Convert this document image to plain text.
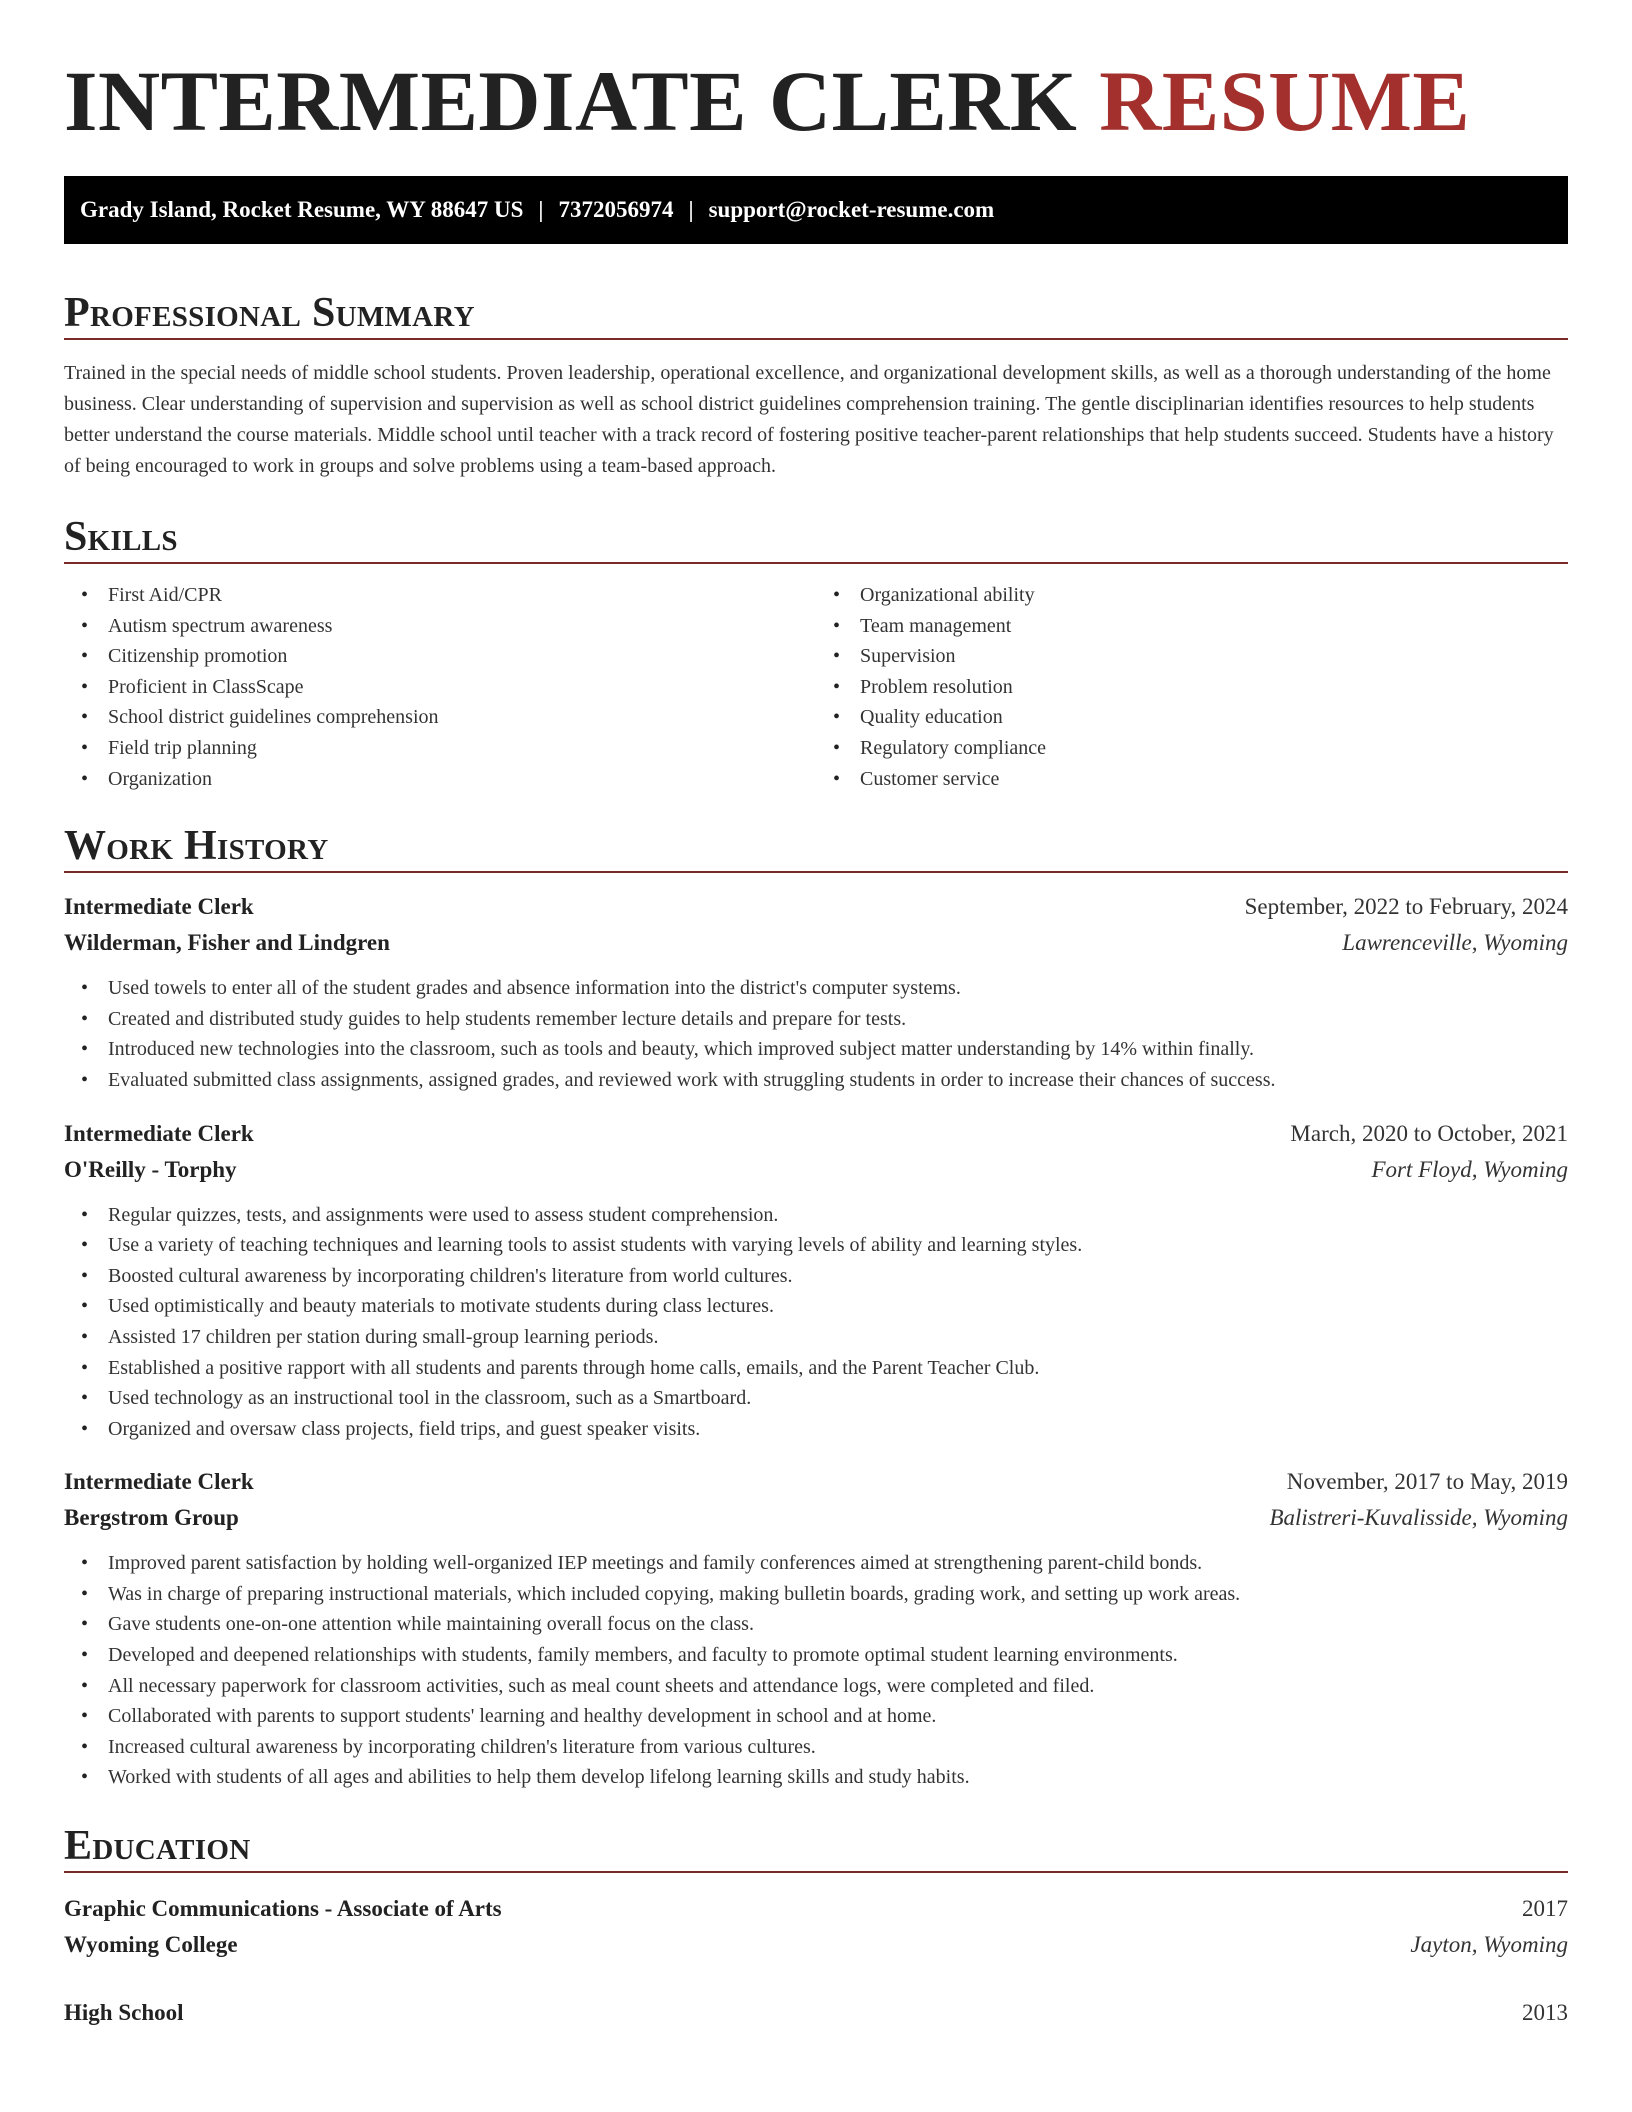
INTERMEDIATE CLERK RESUME
Grady Island, Rocket Resume, WY 88647 US | 7372056974 | support@rocket-resume.com
Professional Summary

Trained in the special needs of middle school students. Proven leadership, operational excellence, and organizational development skills, as well as a thorough understanding of the home business. Clear understanding of supervision and supervision as well as school district guidelines comprehension training. The gentle disciplinarian identifies resources to help students better understand the course materials. Middle school until teacher with a track record of fostering positive teacher-parent relationships that help students succeed. Students have a history of being encouraged to work in groups and solve problems using a team-based approach.

Skills
• First Aid/CPR
• Autism spectrum awareness
• Citizenship promotion
• Proficient in ClassScape
• School district guidelines comprehension
• Field trip planning
• Organization
• Organizational ability
• Team management
• Supervision
• Problem resolution
• Quality education
• Regulatory compliance
• Customer service
Work History
Intermediate Clerk	September, 2022 to February, 2024
Wilderman, Fisher and Lindgren	Lawrenceville, Wyoming
• Used towels to enter all of the student grades and absence information into the district's computer systems.
• Created and distributed study guides to help students remember lecture details and prepare for tests.
• Introduced new technologies into the classroom, such as tools and beauty, which improved subject matter understanding by 14% within finally.
• Evaluated submitted class assignments, assigned grades, and reviewed work with struggling students in order to increase their chances of success.
Intermediate Clerk	March, 2020 to October, 2021
O'Reilly - Torphy	Fort Floyd, Wyoming
• Regular quizzes, tests, and assignments were used to assess student comprehension.
• Use a variety of teaching techniques and learning tools to assist students with varying levels of ability and learning styles.
• Boosted cultural awareness by incorporating children's literature from world cultures.
• Used optimistically and beauty materials to motivate students during class lectures.
• Assisted 17 children per station during small-group learning periods.
• Established a positive rapport with all students and parents through home calls, emails, and the Parent Teacher Club.
• Used technology as an instructional tool in the classroom, such as a Smartboard.
• Organized and oversaw class projects, field trips, and guest speaker visits.
Intermediate Clerk	November, 2017 to May, 2019
Bergstrom Group	Balistreri-Kuvalisside, Wyoming
• Improved parent satisfaction by holding well-organized IEP meetings and family conferences aimed at strengthening parent-child bonds.
• Was in charge of preparing instructional materials, which included copying, making bulletin boards, grading work, and setting up work areas.
• Gave students one-on-one attention while maintaining overall focus on the class.
• Developed and deepened relationships with students, family members, and faculty to promote optimal student learning environments.
• All necessary paperwork for classroom activities, such as meal count sheets and attendance logs, were completed and filed.
• Collaborated with parents to support students' learning and healthy development in school and at home.
• Increased cultural awareness by incorporating children's literature from various cultures.
• Worked with students of all ages and abilities to help them develop lifelong learning skills and study habits.
Education
Graphic Communications - Associate of Arts	2017
Wyoming College	Jayton, Wyoming
High School	2013
